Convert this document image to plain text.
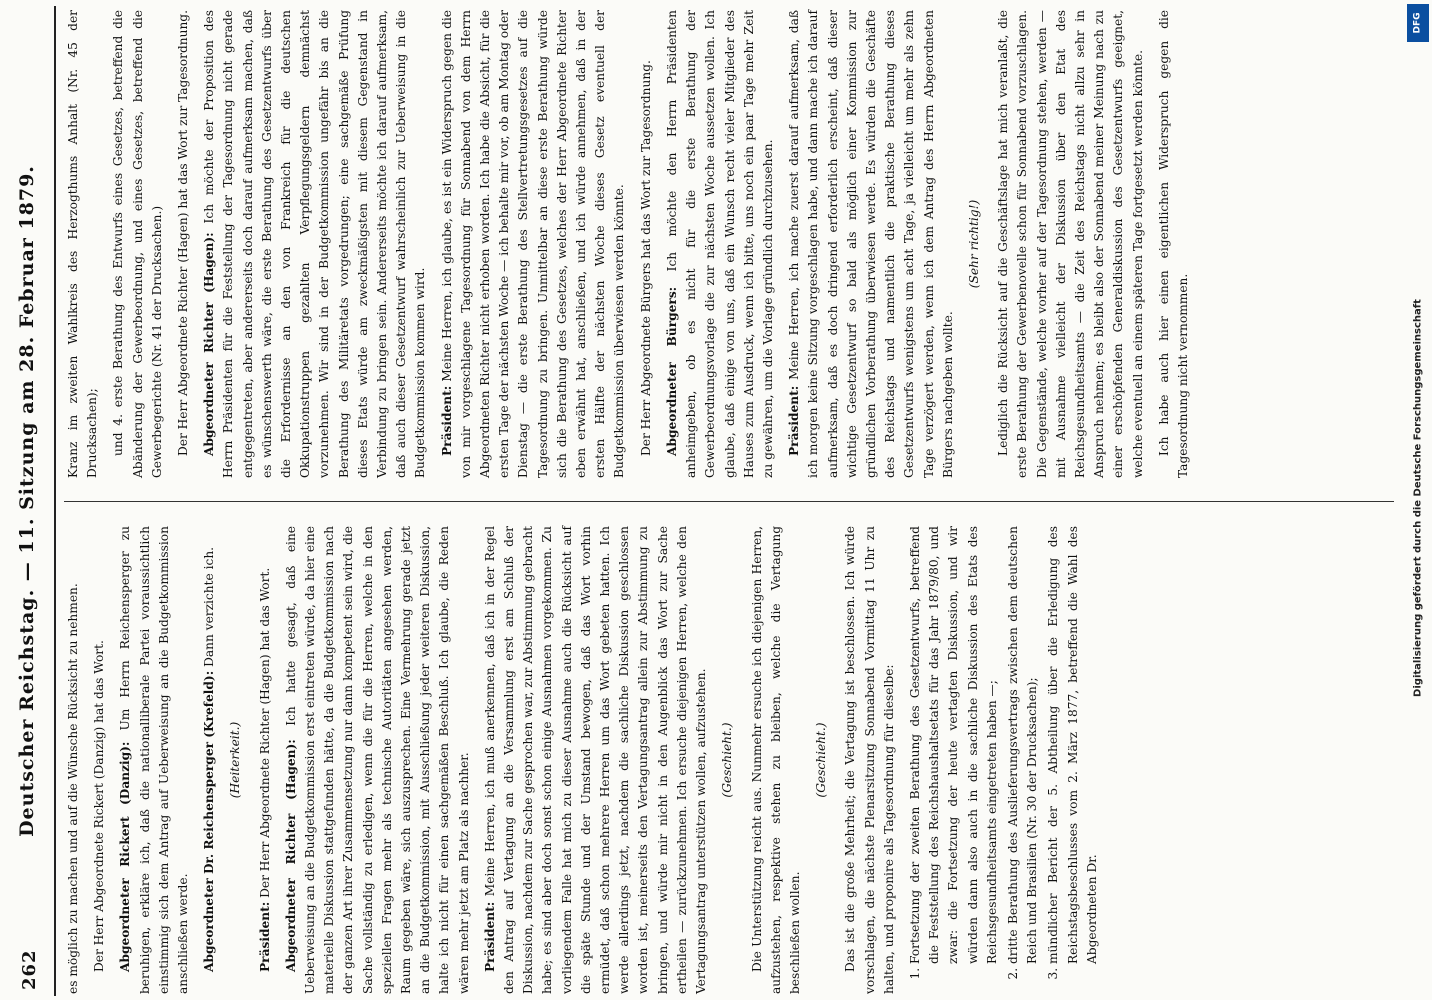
262
Deutscher Reichstag. — 11. Sitzung am 28. Februar 1879. es möglich zu machen und auf die Wünsche Rücksicht zu nehmen. Der Herr Abgeordnete Rickert (Danzig) hat das Wort. Abgeordneter Rickert (Danzig): Um Herrn Reichensperger zu beruhigen, erkläre ich, daß die nationalliberale Partei voraussichtlich einstimmig sich dem Antrag auf Ueberweisung an die Budgetkommission anschließen werde. Abgeordneter Dr. Reichensperger (Krefeld): Dann verzichte ich.

(Heiterkeit.)

Präsident: Der Herr Abgeordnete Richter (Hagen) hat das Wort. Abgeordneter Richter (Hagen): Ich hatte gesagt, daß eine Ueberweisung an die Budgetkommission erst eintreten würde, da hier eine materielle Diskussion stattgefunden hätte, da die Budgetkommission nach der ganzen Art ihrer Zusammensetzung nur dann kompetent sein wird, die Sache vollständig zu erledigen, wenn die für die Herren, welche in den speziellen Fragen mehr als technische Autoritäten angesehen werden, Raum gegeben wäre, sich auszusprechen. Eine Vermehrung gerade jetzt an die Budgetkommission, mit Ausschließung jeder weiteren Diskussion, halte ich nicht für einen sachgemäßen Beschluß. Ich glaube, die Reden wären mehr jetzt am Platz als nachher. Präsident: Meine Herren, ich muß anerkennen, daß ich in der Regel den Antrag auf Vertagung an die Versammlung erst am Schluß der Diskussion, nachdem zur Sache gesprochen war, zur Abstimmung gebracht habe; es sind aber doch sonst schon einige Ausnahmen vorgekommen. Zu vorliegendem Falle hat mich zu dieser Ausnahme auch die Rücksicht auf die späte Stunde und der Umstand bewogen, daß das Wort vorhin ermüdet, daß schon mehrere Herren um das Wort gebeten hatten. Ich werde allerdings jetzt, nachdem die sachliche Diskussion geschlossen worden ist, meinerseits den Vertagungsantrag allein zur Abstimmung zu bringen, und würde mir nicht in den Augenblick das Wort zur Sache ertheilen — zurückzunehmen. Ich ersuche diejenigen Herren, welche den Vertagungsantrag unterstützen wollen, aufzustehen. (Geschieht.) Die Unterstützung reicht aus. Nunmehr ersuche ich diejenigen Herren, aufzustehen, respektive stehen zu bleiben, welche die Vertagung beschließen wollen.

(Geschieht.) Das ist die große Mehrheit; die Vertagung ist beschlossen. Ich würde vorschlagen, die nächste Plenarsitzung Sonnabend Vormittag 11 Uhr zu halten, und proponire als Tagesordnung für dieselbe: 1. Fortsetzung der zweiten Berathung des Gesetzentwurfs, betreffend die Feststellung des Reichshaushaltsetats für das Jahr 1879/80, und zwar: die Fortsetzung der heute vertagten Diskussion, und wir würden dann also auch in die sachliche Diskussion des Etats des Reichsgesundheitsamts eingetreten haben —; 2. dritte Berathung des Auslieferungsvertrags zwischen dem deutschen Reich und Brasilien (Nr. 30 der Drucksachen); 3. mündlicher Bericht der 5. Abtheilung über die Erledigung des Reichstagsbeschlusses vom 2. März 1877, betreffend die Wahl des Abgeordneten Dr.

Kranz im zweiten Wahlkreis des Herzogthums Anhalt (Nr. 45 der Drucksachen); und 4. erste Berathung des Entwurfs eines Gesetzes, betreffend die Abänderung der Gewerbeordnung, und eines Gesetzes, betreffend die Gewerbegerichte (Nr. 41 der Drucksachen.) Der Herr Abgeordnete Richter (Hagen) hat das Wort zur Tagesordnung. Abgeordneter Richter (Hagen): Ich möchte der Proposition des Herrn Präsidenten für die Feststellung der Tagesordnung nicht gerade entgegentreten, aber andererseits doch darauf aufmerksam machen, daß es wünschenswerth wäre, die erste Berathung des Gesetzentwurfs über die Erfordernisse an den von Frankreich für die deutschen Okkupationstruppen gezahlten Verpflegungsgeldern demnächst vorzunehmen. Wir sind in der Budgetkommission ungefähr bis an die Berathung des Militäretats vorgedrungen; eine sachgemäße Prüfung dieses Etats würde am zweckmäßigsten mit diesem Gegenstand in Verbindung zu bringen sein. Andererseits möchte ich darauf aufmerksam, daß auch dieser Gesetzentwurf wahrscheinlich zur Ueberweisung in die Budgetkommission kommen wird. Präsident: Meine Herren, ich glaube, es ist ein Widerspruch gegen die von mir vorgeschlagene Tagesordnung für Sonnabend von dem Herrn Abgeordneten Richter nicht erhoben worden. Ich habe die Absicht, für die ersten Tage der nächsten Woche — ich behalte mir vor, ob am Montag oder Dienstag — die erste Berathung des Stellvertretungsgesetzes auf die Tagesordnung zu bringen. Unmittelbar an diese erste Berathung würde sich die Berathung des Gesetzes, welches der Herr Abgeordnete Richter eben erwähnt hat, anschließen, und ich würde annehmen, daß in der ersten Hälfte der nächsten Woche dieses Gesetz eventuell der Budgetkommission überwiesen werden könnte. Der Herr Abgeordnete Bürgers hat das Wort zur Tagesordnung. Abgeordneter Bürgers: Ich möchte den Herrn Präsidenten anheimgeben, ob es nicht für die erste Berathung der Gewerbeordnungsvorlage die zur nächsten Woche aussetzen wollen. Ich glaube, daß einige von uns, daß ein Wunsch recht vieler Mitglieder des Hauses zum Ausdruck, wenn ich bitte, uns noch ein paar Tage mehr Zeit zu gewähren, um die Vorlage gründlich durchzusehen. Präsident: Meine Herren, ich mache zuerst darauf aufmerksam, daß ich morgen keine Sitzung vorgeschlagen habe, und dann mache ich darauf aufmerksam, daß es doch dringend erforderlich erscheint, daß dieser wichtige Gesetzentwurf so bald als möglich einer Kommission zur gründlichen Vorberathung überwiesen werde. Es würden die Geschäfte des Reichstags und namentlich die praktische Berathung dieses Gesetzentwurfs wenigstens um acht Tage, ja vielleicht um mehr als zehn Tage verzögert werden, wenn ich dem Antrag des Herrn Abgeordneten Bürgers nachgeben wollte.

(Sehr richtig!) Lediglich die Rücksicht auf die Geschäftslage hat mich veranlaßt, die erste Berathung der Gewerbenovelle schon für Sonnabend vorzuschlagen. Die Gegenstände, welche vorher auf der Tagesordnung stehen, werden — mit Ausnahme vielleicht der Diskussion über den Etat des Reichsgesundheitsamts — die Zeit des Reichstags nicht allzu sehr in Anspruch nehmen; es bleibt also der Sonnabend meiner Meinung nach zu einer erschöpfenden Generaldiskussion des Gesetzentwurfs geeignet, welche eventuell an einem späteren Tage fortgesetzt werden könnte. Ich habe auch hier einen eigentlichen Widerspruch gegen die Tagesordnung nicht vernommen.

DFG
Digitalisierung gefördert durch die Deutsche Forschungsgemeinschaft
